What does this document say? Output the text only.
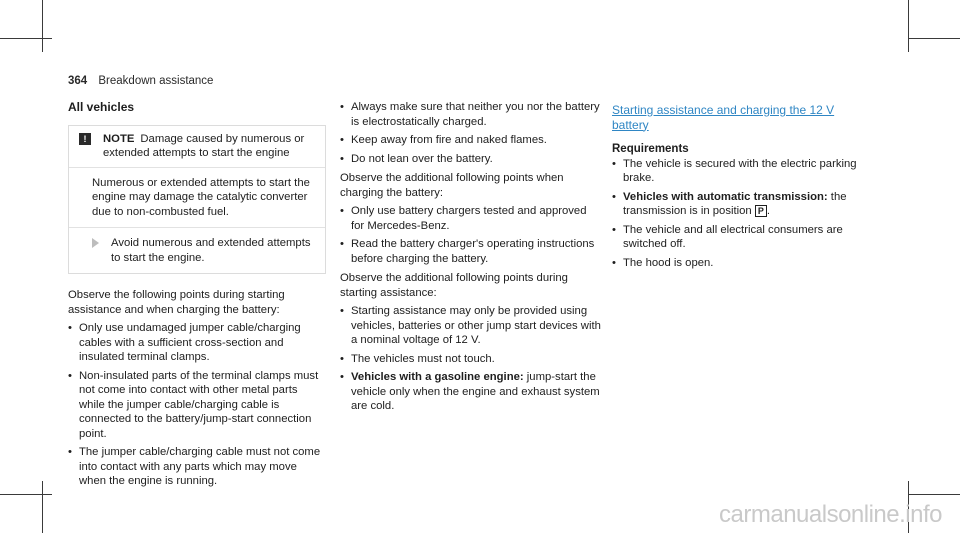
364 Breakdown assistance
All vehicles
!	NOTE Damage caused by numerous or extended attempts to start the engine
Numerous or extended attempts to start the engine may damage the catalytic converter due to non-combusted fuel.
Avoid numerous and extended attempts to start the engine.

Observe the following points during starting assistance and when charging the battery:

• Only use undamaged jumper cable/charging cables with a sufficient cross-section and insulated terminal clamps.
• Non-insulated parts of the terminal clamps must not come into contact with other metal parts while the jumper cable/charging cable is connected to the battery/jump-start connection point.
• The jumper cable/charging cable must not come into contact with any parts which may move when the engine is running.
• Always make sure that neither you nor the battery is electrostatically charged.
• Keep away from fire and naked flames.
• Do not lean over the battery.

Observe the additional following points when charging the battery:

• Only use battery chargers tested and approved for Mercedes-Benz.
• Read the battery charger's operating instructions before charging the battery.

Observe the additional following points during starting assistance:

• Starting assistance may only be provided using vehicles, batteries or other jump start devices with a nominal voltage of 12 V.
• The vehicles must not touch.
• Vehicles with a gasoline engine: jump-start the vehicle only when the engine and exhaust system are cold.
Starting assistance and charging the 12 V battery
Requirements
• The vehicle is secured with the electric parking brake.
• Vehicles with automatic transmission: the transmission is in position P .
• The vehicle and all electrical consumers are switched off.
• The hood is open.
carmanualsonline.info
